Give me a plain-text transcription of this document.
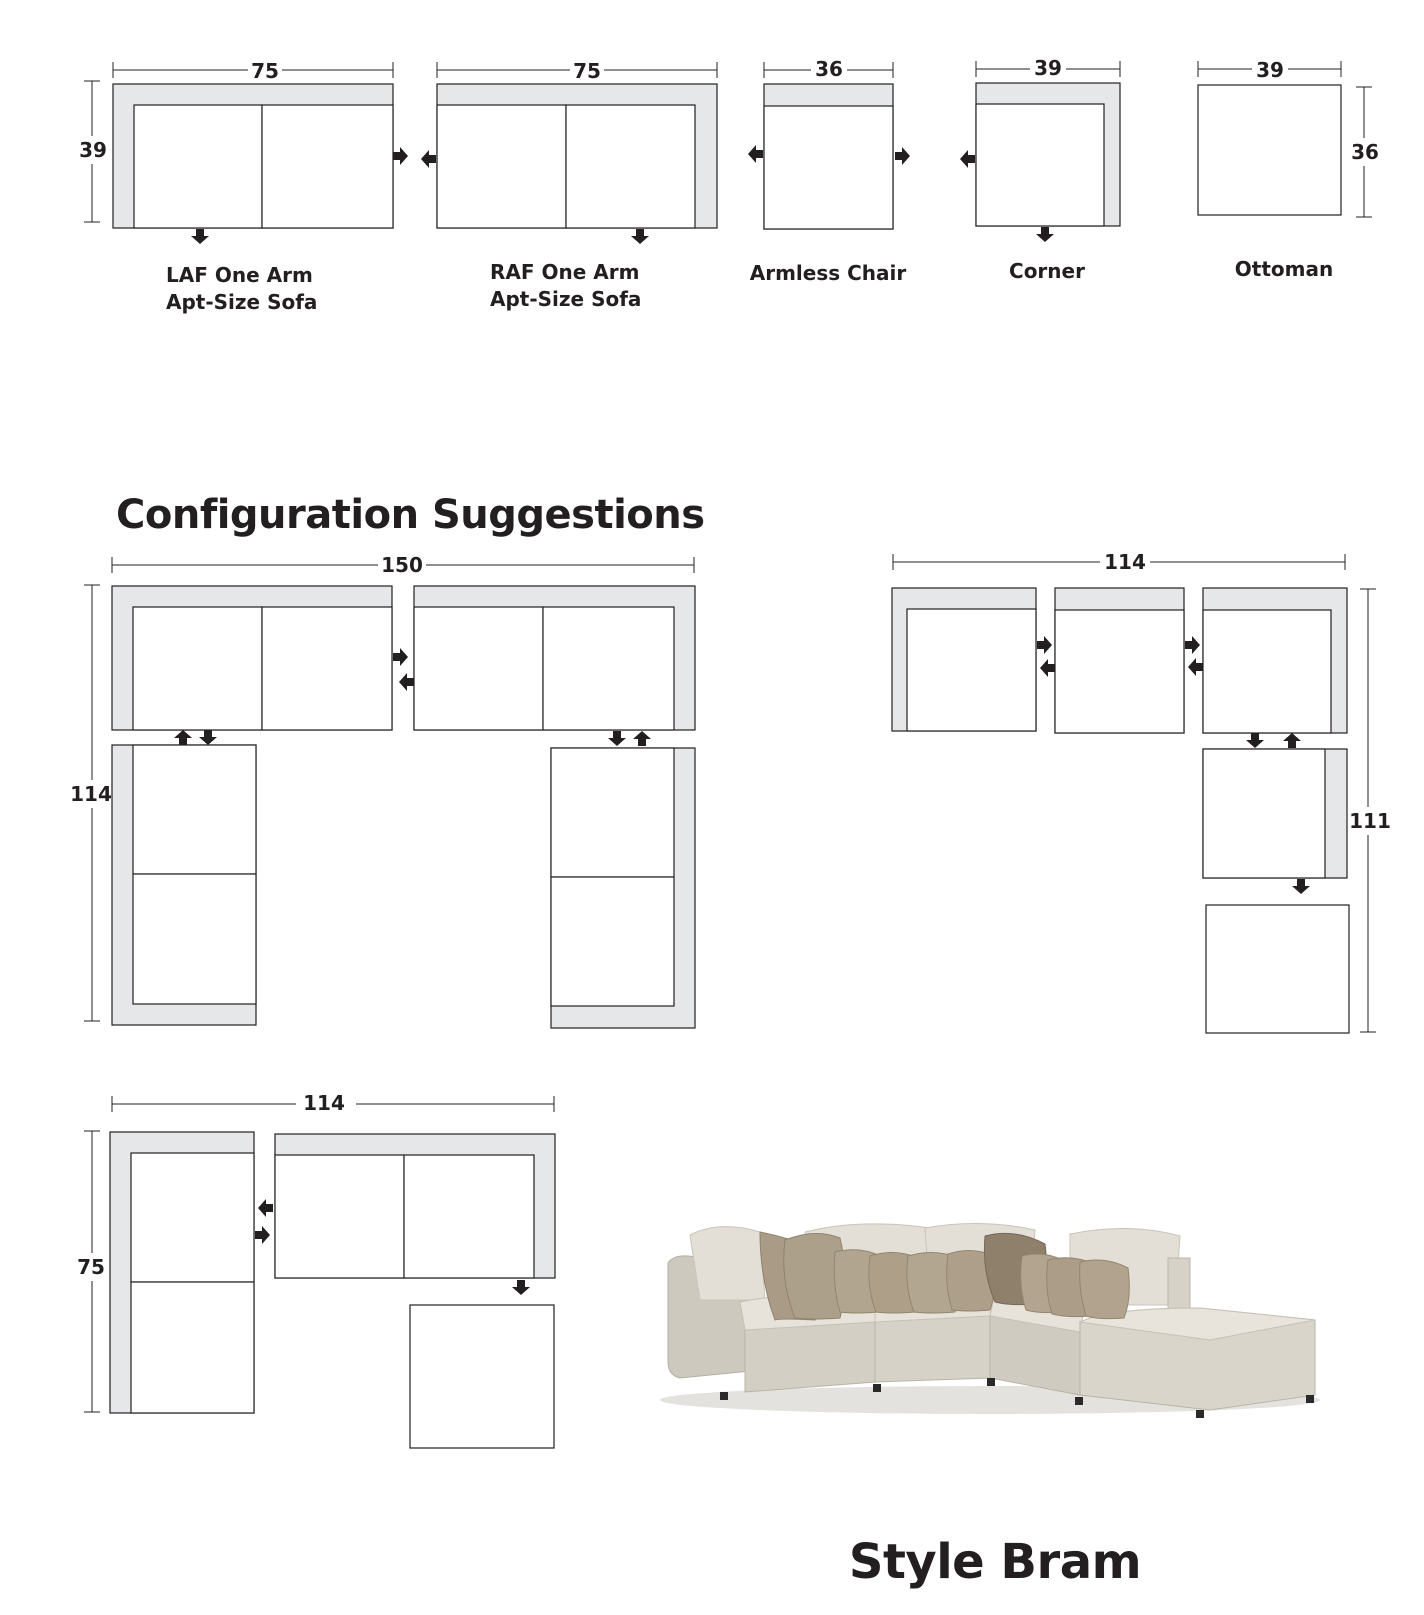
75
39
LAF One Arm
Apt-Size Sofa
75
RAF One Arm
Apt-Size Sofa
36
Armless Chair
39
Corner
39
36
Ottoman
Configuration Suggestions
150
114
114
111
114
75
Style Bram
